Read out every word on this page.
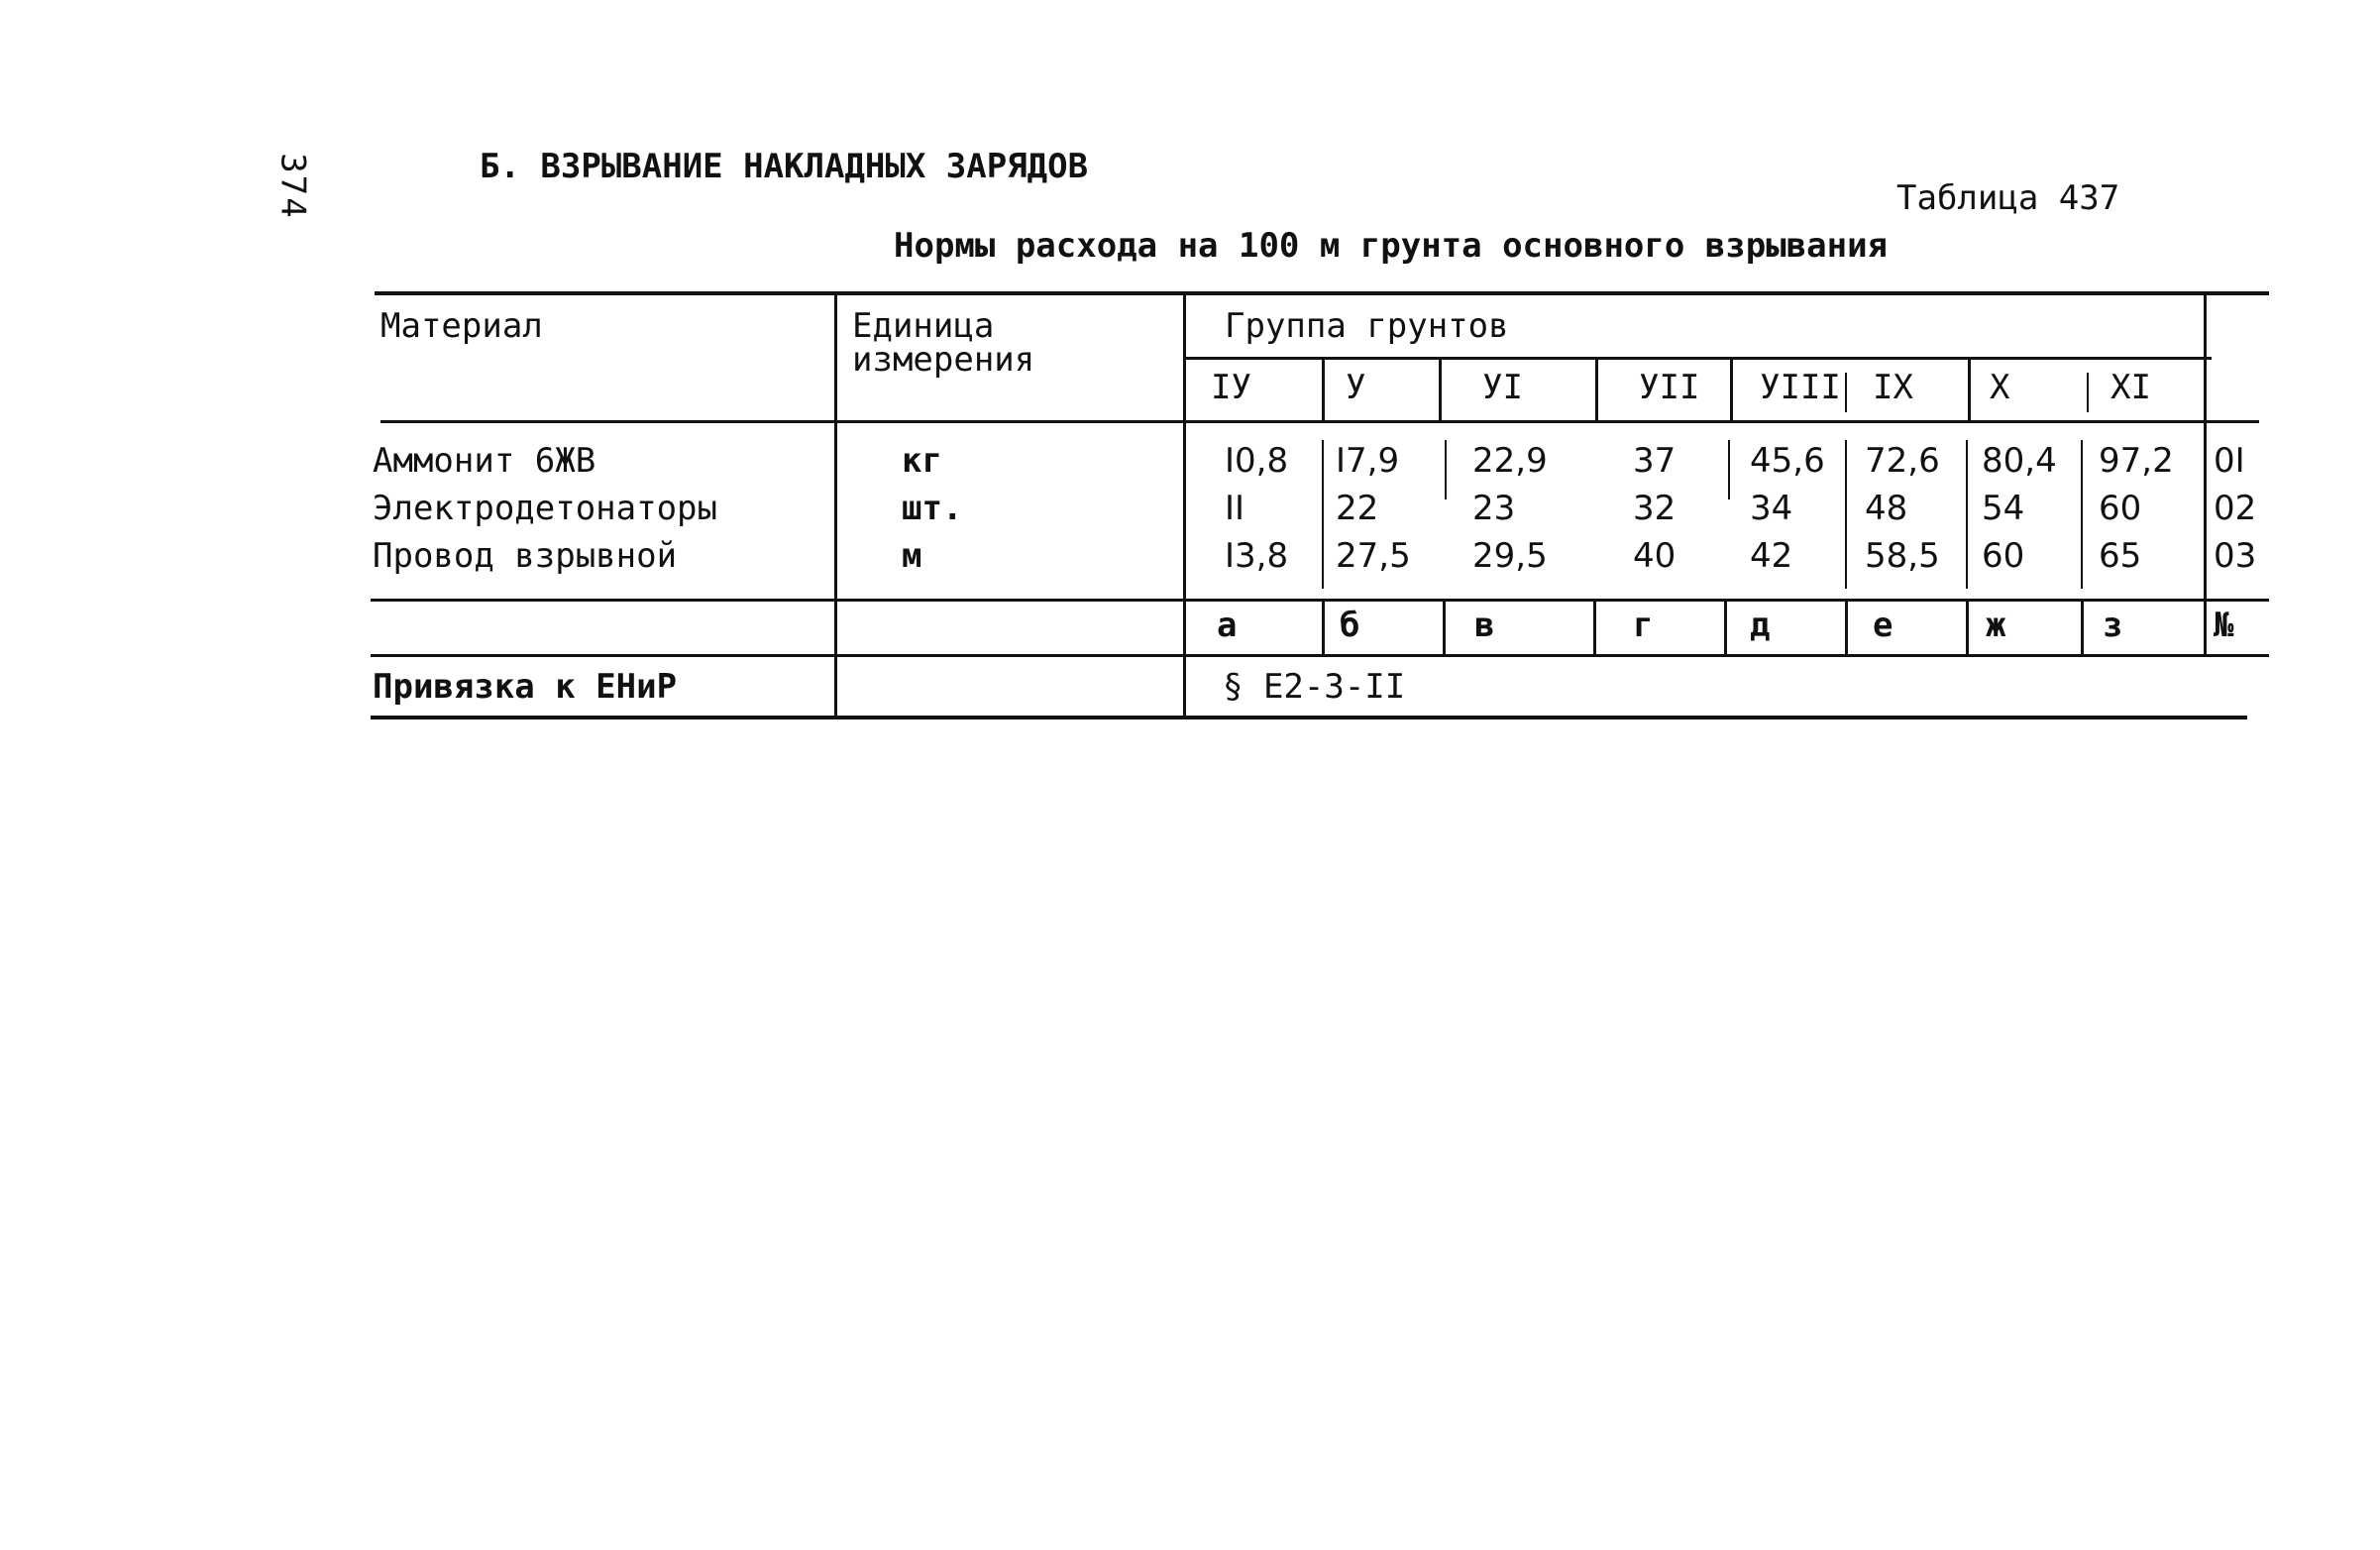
374	Б. ВЗРЫВАНИЕ НАКЛАДНЫХ ЗАРЯДОВ
Таблица 437
Нормы расхода на 100 м грунта основного взрывания
Материал	Единица
измерения
Группа грунтов
IУ	У	УI	УII УIII IX X	XI
Аммонит 6ЖВ	кг	I0,8 I7,9 22,9	37 45,6 72,6 80,4 97,2 0I
Электродетонаторы	шт.	II	22	23	32 34 48 54 60 02
Провод взрывной	м	I3,8 27,5 29,5	40 42 58,5 60 65 03
а	б	в	г	д	е	ж	з	№
Привязка к ЕНиР	§ Е2-3-II
